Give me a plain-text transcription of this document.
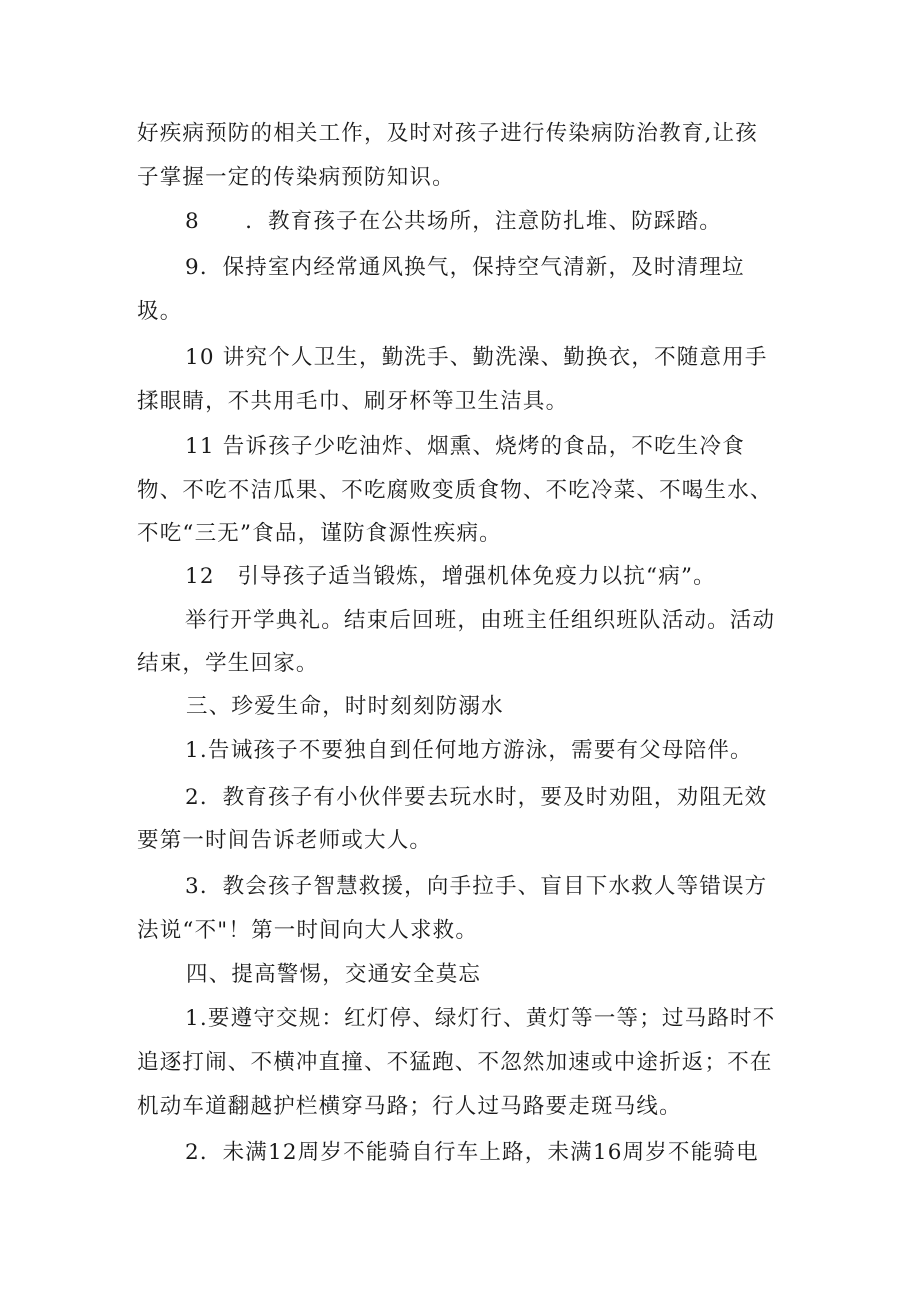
好疾病预防的相关工作，及时对孩子进行传染病防治教育,让孩
子掌握一定的传染病预防知识。
8　　．教育孩子在公共场所，注意防扎堆、防踩踏。
9．保持室内经常通风换气，保持空气清新，及时清理垃
圾。
10 讲究个人卫生，勤洗手、勤洗澡、勤换衣，不随意用手
揉眼睛，不共用毛巾、刷牙杯等卫生洁具。
11 告诉孩子少吃油炸、烟熏、烧烤的食品，不吃生冷食
物、不吃不洁瓜果、不吃腐败变质食物、不吃冷菜、不喝生水、
不吃“三无”食品，谨防食源性疾病。
12　引导孩子适当锻炼，增强机体免疫力以抗“病”。
举行开学典礼。结束后回班，由班主任组织班队活动。活动
结束，学生回家。
三、珍爱生命，时时刻刻防溺水
1.告诫孩子不要独自到任何地方游泳，需要有父母陪伴。
2．教育孩子有小伙伴要去玩水时，要及时劝阻，劝阻无效
要第一时间告诉老师或大人。
3．教会孩子智慧救援，向手拉手、盲目下水救人等错误方
法说“不"！第一时间向大人求救。
四、提高警惕，交通安全莫忘
1.要遵守交规：红灯停、绿灯行、黄灯等一等；过马路时不
追逐打闹、不横冲直撞、不猛跑、不忽然加速或中途折返；不在
机动车道翻越护栏横穿马路；行人过马路要走斑马线。
2．未满12周岁不能骑自行车上路，未满16周岁不能骑电
